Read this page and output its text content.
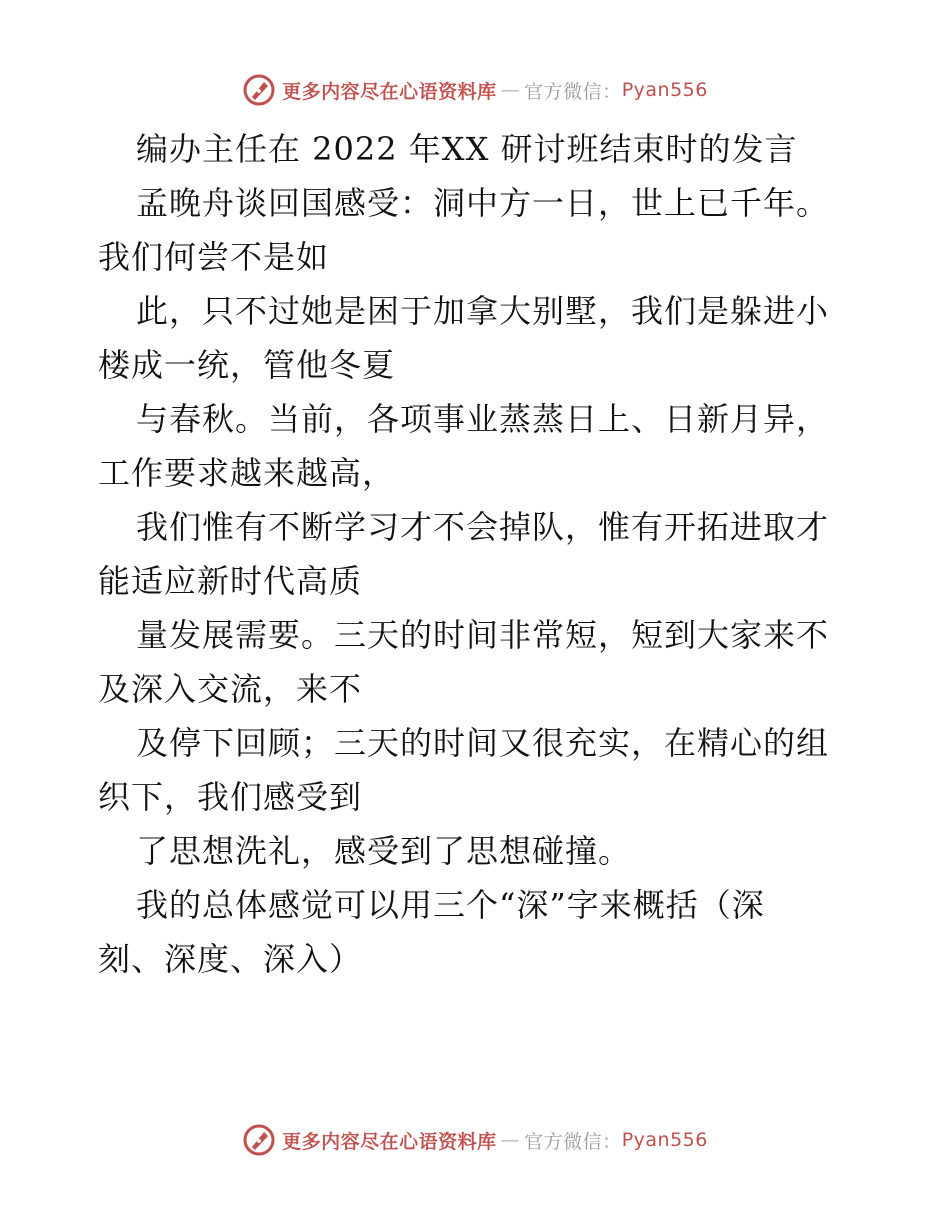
更多内容尽在心语资料库 — 官方微信： Pyan556

编办主任在 2022 年XX 研讨班结束时的发言

孟晚舟谈回国感受：洞中方一日，世上已千年。
我们何尝不是如

此，只不过她是困于加拿大别墅，我们是躲进小
楼成一统，管他冬夏

与春秋。当前，各项事业蒸蒸日上、日新月异，
工作要求越来越高，

我们惟有不断学习才不会掉队，惟有开拓进取才
能适应新时代高质

量发展需要。三天的时间非常短，短到大家来不
及深入交流，来不

及停下回顾；三天的时间又很充实，在精心的组
织下，我们感受到

了思想洗礼，感受到了思想碰撞。

我的总体感觉可以用三个“深”字来概括（深
刻、深度、深入）

更多内容尽在心语资料库 — 官方微信： Pyan556
